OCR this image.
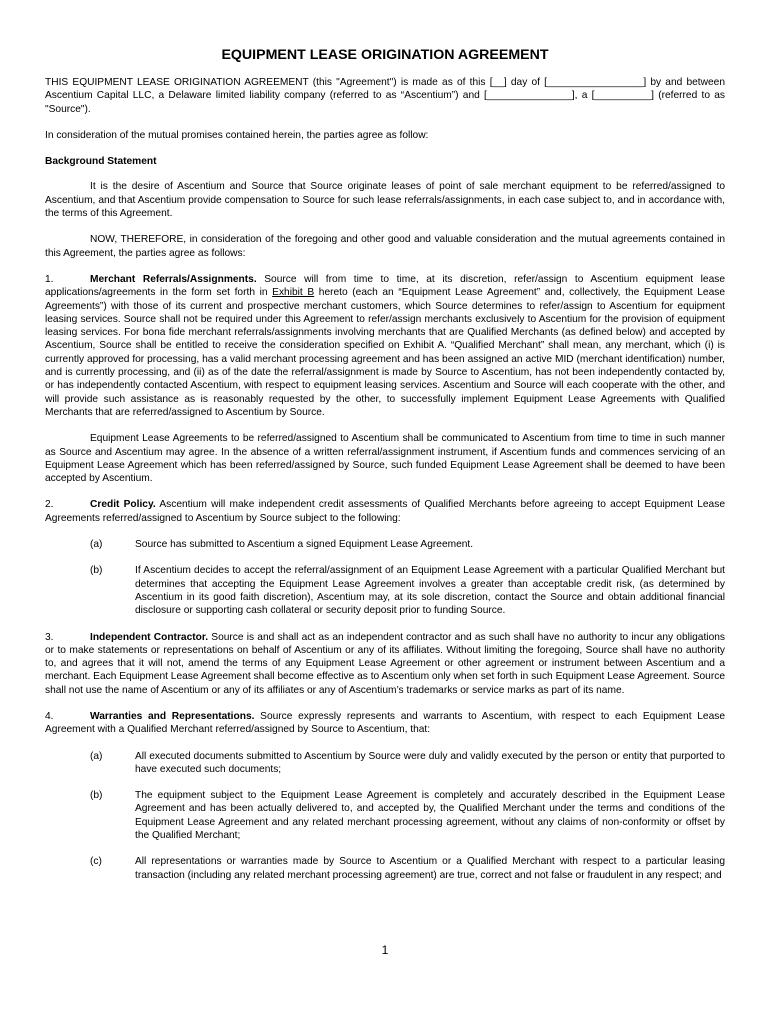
EQUIPMENT LEASE ORIGINATION AGREEMENT

THIS EQUIPMENT LEASE ORIGINATION AGREEMENT (this "Agreement") is made as of this [__] day of [_________________] by and between Ascentium Capital LLC, a Delaware limited liability company (referred to as “Ascentium”) and [_______________], a [__________] (referred to as "Source").

In consideration of the mutual promises contained herein, the parties agree as follow:

Background Statement

It is the desire of Ascentium and Source that Source originate leases of point of sale merchant equipment to be referred/assigned to Ascentium, and that Ascentium provide compensation to Source for such lease referrals/assignments, in each case subject to, and in accordance with, the terms of this Agreement.

NOW, THEREFORE, in consideration of the foregoing and other good and valuable consideration and the mutual agreements contained in this Agreement, the parties agree as follows:

1.	Merchant Referrals/Assignments. Source will from time to time, at its discretion, refer/assign to Ascentium equipment lease applications/agreements in the form set forth in Exhibit B hereto (each an “Equipment Lease Agreement” and, collectively, the Equipment Lease Agreements”) with those of its current and prospective merchant customers, which Source determines to refer/assign to Ascentium for equipment leasing services. Source shall not be required under this Agreement to refer/assign merchants exclusively to Ascentium for the provision of equipment leasing services. For bona fide merchant referrals/assignments involving merchants that are Qualified Merchants (as defined below) and accepted by Ascentium, Source shall be entitled to receive the consideration specified on Exhibit A. “Qualified Merchant” shall mean, any merchant, which (i) is currently approved for processing, has a valid merchant processing agreement and has been assigned an active MID (merchant identification) number, and is currently processing, and (ii) as of the date the referral/assignment is made by Source to Ascentium, has not been independently contacted by, or has independently contacted Ascentium, with respect to equipment leasing services. Ascentium and Source will each cooperate with the other, and will provide such assistance as is reasonably requested by the other, to successfully implement Equipment Lease Agreements with Qualified Merchants that are referred/assigned to Ascentium by Source.

Equipment Lease Agreements to be referred/assigned to Ascentium shall be communicated to Ascentium from time to time in such manner as Source and Ascentium may agree. In the absence of a written referral/assignment instrument, if Ascentium funds and commences servicing of an Equipment Lease Agreement which has been referred/assigned by Source, such funded Equipment Lease Agreement shall be deemed to have been accepted by Ascentium.

2.	Credit Policy. Ascentium will make independent credit assessments of Qualified Merchants before agreeing to accept Equipment Lease Agreements referred/assigned to Ascentium by Source subject to the following:

(a)	Source has submitted to Ascentium a signed Equipment Lease Agreement.
(b)	If Ascentium decides to accept the referral/assignment of an Equipment Lease Agreement with a particular Qualified Merchant but determines that accepting the Equipment Lease Agreement involves a greater than acceptable credit risk, (as determined by Ascentium in its good faith discretion), Ascentium may, at its sole discretion, contact the Source and obtain additional financial disclosure or supporting cash collateral or security deposit prior to funding Source.

3.	Independent Contractor. Source is and shall act as an independent contractor and as such shall have no authority to incur any obligations or to make statements or representations on behalf of Ascentium or any of its affiliates. Without limiting the foregoing, Source shall have no authority to, and agrees that it will not, amend the terms of any Equipment Lease Agreement or other agreement or instrument between Ascentium and a merchant. Each Equipment Lease Agreement shall become effective as to Ascentium only when set forth in such Equipment Lease Agreement. Source shall not use the name of Ascentium or any of its affiliates or any of Ascentium’s trademarks or service marks as part of its name.

4.	Warranties and Representations. Source expressly represents and warrants to Ascentium, with respect to each Equipment Lease Agreement with a Qualified Merchant referred/assigned by Source to Ascentium, that:

(a)	All executed documents submitted to Ascentium by Source were duly and validly executed by the person or entity that purported to have executed such documents;
(b)	The equipment subject to the Equipment Lease Agreement is completely and accurately described in the Equipment Lease Agreement and has been actually delivered to, and accepted by, the Qualified Merchant under the terms and conditions of the Equipment Lease Agreement and any related merchant processing agreement, without any claims of non-conformity or offset by the Qualified Merchant;
(c)	All representations or warranties made by Source to Ascentium or a Qualified Merchant with respect to a particular leasing transaction (including any related merchant processing agreement) are true, correct and not false or fraudulent in any respect; and
1
